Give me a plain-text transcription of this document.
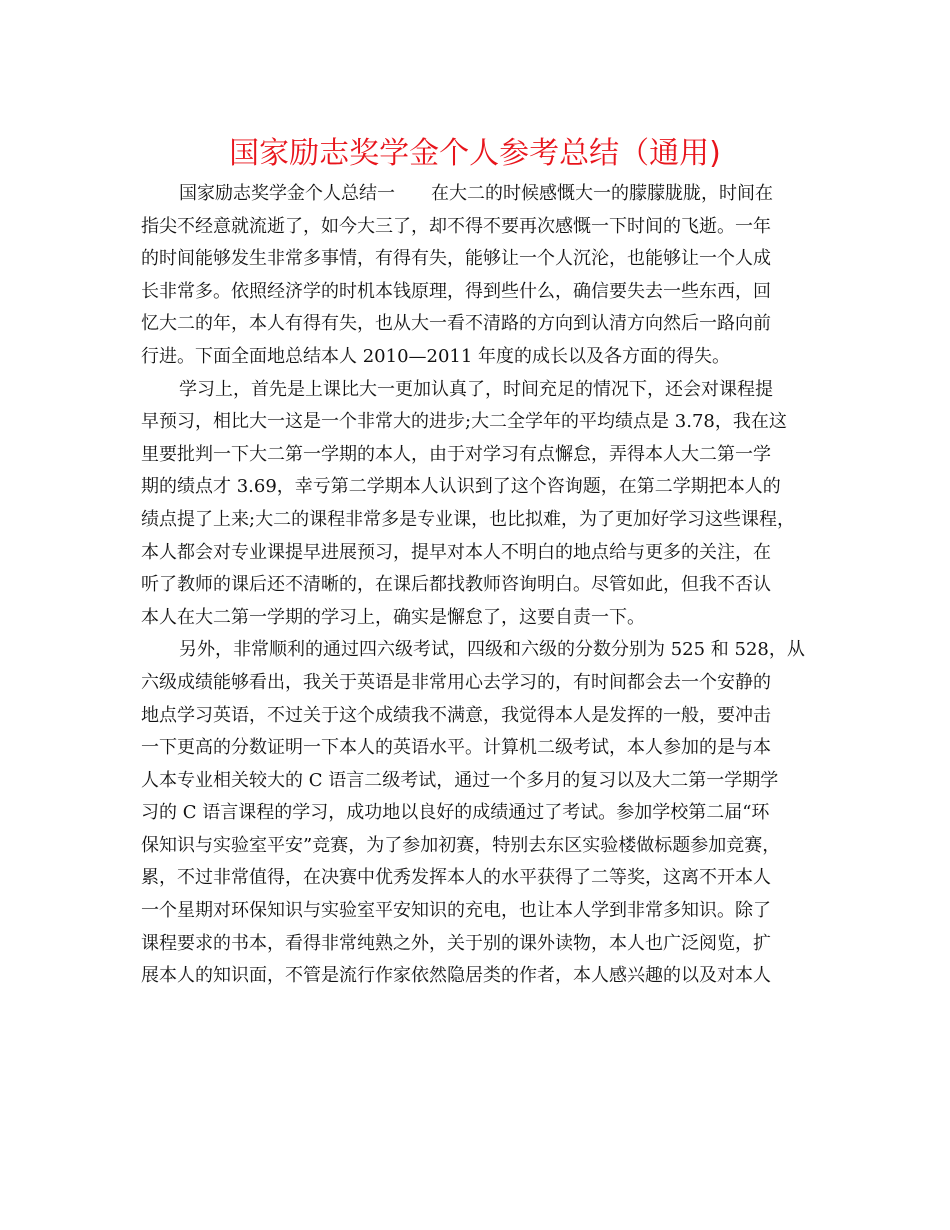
国家励志奖学金个人参考总结（通用)
国家励志奖学金个人总结一　　在大二的时候感慨大一的朦朦胧胧，时间在
指尖不经意就流逝了，如今大三了，却不得不要再次感慨一下时间的飞逝。一年
的时间能够发生非常多事情，有得有失，能够让一个人沉沦，也能够让一个人成
长非常多。依照经济学的时机本钱原理，得到些什么，确信要失去一些东西，回
忆大二的年，本人有得有失，也从大一看不清路的方向到认清方向然后一路向前
行进。下面全面地总结本人 2010—2011 年度的成长以及各方面的得失。
学习上，首先是上课比大一更加认真了，时间充足的情况下，还会对课程提
早预习，相比大一这是一个非常大的进步;大二全学年的平均绩点是 3.78，我在这
里要批判一下大二第一学期的本人，由于对学习有点懈怠，弄得本人大二第一学
期的绩点才 3.69，幸亏第二学期本人认识到了这个咨询题，在第二学期把本人的
绩点提了上来;大二的课程非常多是专业课，也比拟难，为了更加好学习这些课程，
本人都会对专业课提早进展预习，提早对本人不明白的地点给与更多的关注，在
听了教师的课后还不清晰的，在课后都找教师咨询明白。尽管如此，但我不否认
本人在大二第一学期的学习上，确实是懈怠了，这要自责一下。
另外，非常顺利的通过四六级考试，四级和六级的分数分别为 525 和 528，从
六级成绩能够看出，我关于英语是非常用心去学习的，有时间都会去一个安静的
地点学习英语，不过关于这个成绩我不满意，我觉得本人是发挥的一般，要冲击
一下更高的分数证明一下本人的英语水平。计算机二级考试，本人参加的是与本
人本专业相关较大的 C 语言二级考试，通过一个多月的复习以及大二第一学期学
习的 C 语言课程的学习，成功地以良好的成绩通过了考试。参加学校第二届“环
保知识与实验室平安”竞赛，为了参加初赛，特别去东区实验楼做标题参加竞赛，
累，不过非常值得，在决赛中优秀发挥本人的水平获得了二等奖，这离不开本人
一个星期对环保知识与实验室平安知识的充电，也让本人学到非常多知识。除了
课程要求的书本，看得非常纯熟之外，关于别的课外读物，本人也广泛阅览，扩
展本人的知识面，不管是流行作家依然隐居类的作者，本人感兴趣的以及对本人
